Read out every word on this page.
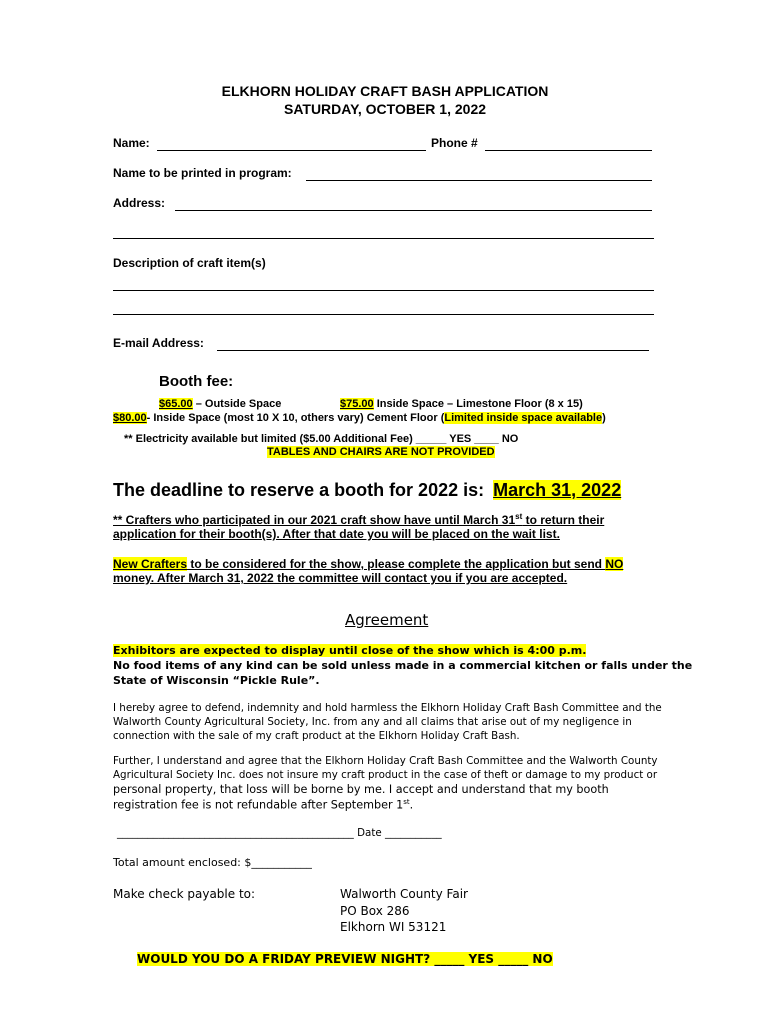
ELKHORN HOLIDAY CRAFT BASH APPLICATION
SATURDAY, OCTOBER 1, 2022
Name:	Phone #
Name to be printed in program:
Address:
Description of craft item(s)
E-mail Address:
Booth fee:
$65.00 – Outside Space	$75.00 Inside Space – Limestone Floor (8 x 15)
$80.00- Inside Space (most 10 X 10, others vary) Cement Floor (Limited inside space available)
** Electricity available but limited ($5.00 Additional Fee) _____ YES ____ NO
TABLES AND CHAIRS ARE NOT PROVIDED
The deadline to reserve a booth for 2022 is: March 31, 2022
** Crafters who participated in our 2021 craft show have until March 31st to return their
application for their booth(s). After that date you will be placed on the wait list.
New Crafters to be considered for the show, please complete the application but send NO
money. After March 31, 2022 the committee will contact you if you are accepted.
Agreement
Exhibitors are expected to display until close of the show which is 4:00 p.m.
No food items of any kind can be sold unless made in a commercial kitchen or falls under the
State of Wisconsin “Pickle Rule”.
I hereby agree to defend, indemnity and hold harmless the Elkhorn Holiday Craft Bash Committee and the
Walworth County Agricultural Society, Inc. from any and all claims that arise out of my negligence in
connection with the sale of my craft product at the Elkhorn Holiday Craft Bash.
Further, I understand and agree that the Elkhorn Holiday Craft Bash Committee and the Walworth County
Agricultural Society Inc. does not insure my craft product in the case of theft or damage to my product or
personal property, that loss will be borne by me. I accept and understand that my booth
registration fee is not refundable after September 1st.
______________________________________________ Date ___________
Total amount enclosed: $___________
Make check payable to:	Walworth County Fair
PO Box 286
Elkhorn WI 53121
WOULD YOU DO A FRIDAY PREVIEW NIGHT? _____ YES _____ NO
